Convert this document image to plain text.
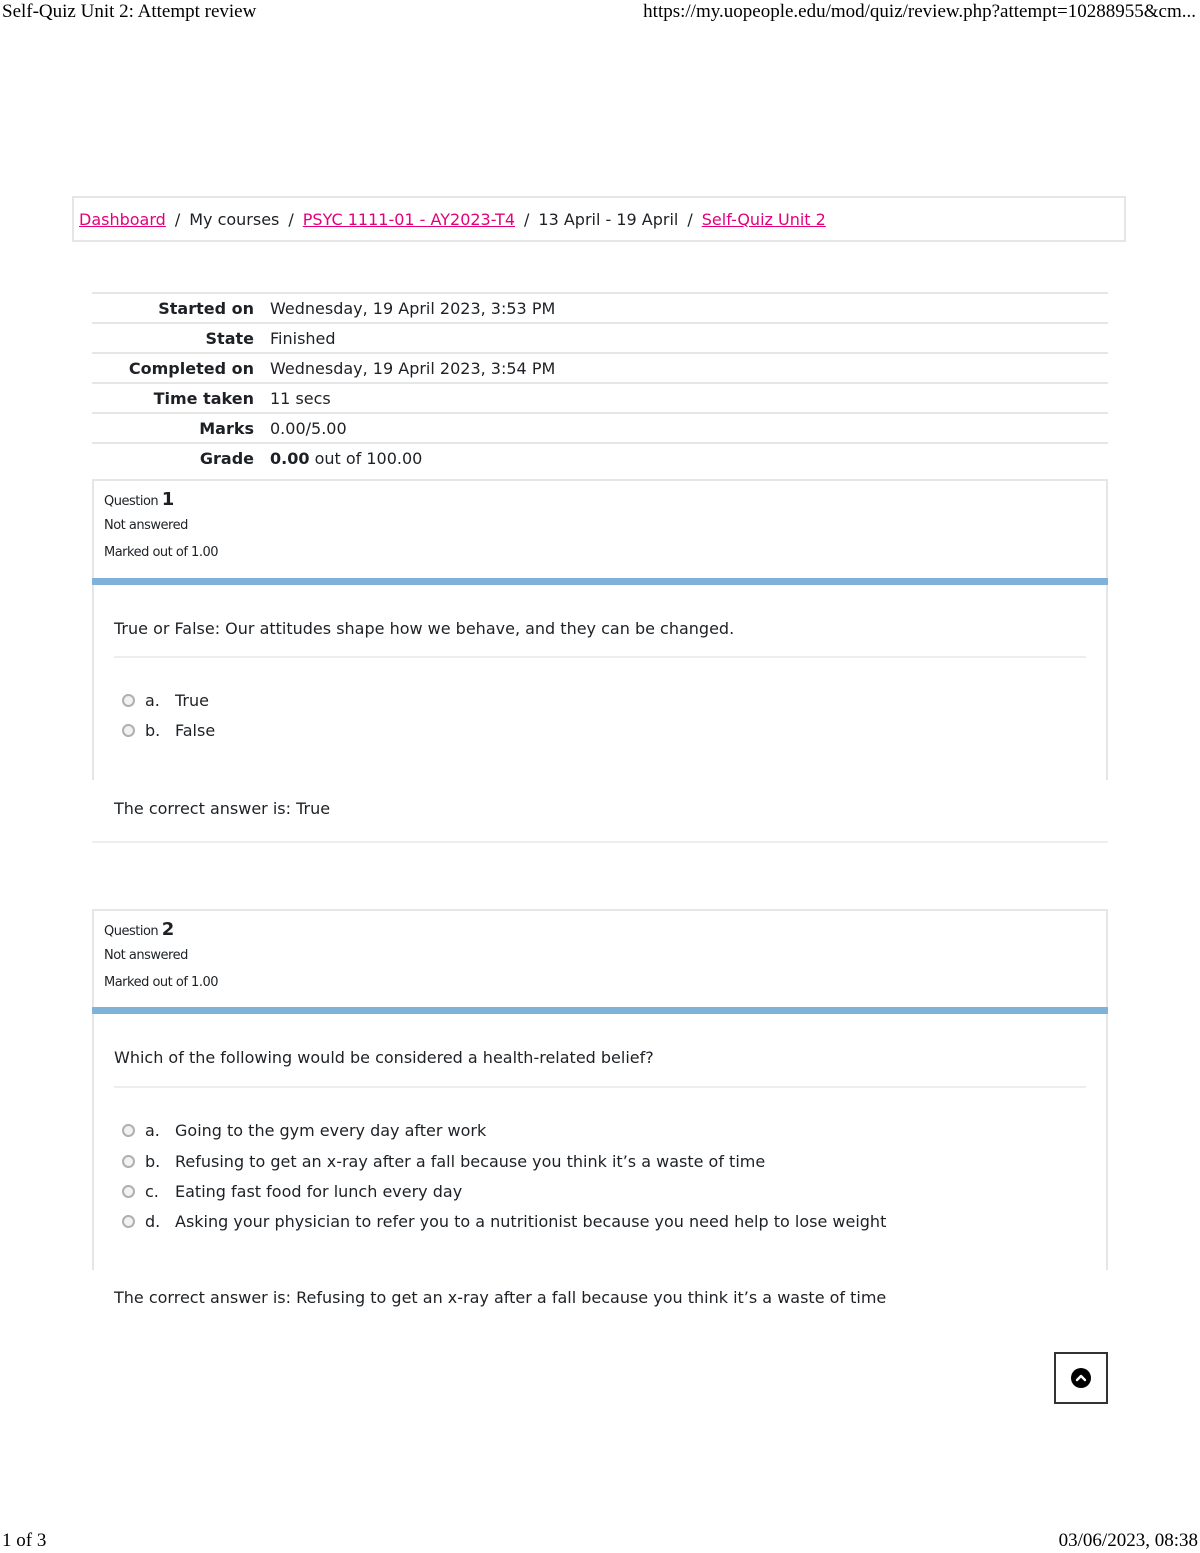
Self-Quiz Unit 2: Attempt review	https://my.uopeople.edu/mod/quiz/review.php?attempt=10288955&cm...
Dashboard / My courses / PSYC 1111-01 - AY2023-T4 / 13 April - 19 April / Self-Quiz Unit 2
Started on	Wednesday, 19 April 2023, 3:53 PM
State	Finished
Completed on	Wednesday, 19 April 2023, 3:54 PM
Time taken	11 secs
Marks	0.00/5.00
Grade	0.00 out of 100.00
Question 1
Not answered
Marked out of 1.00
True or False: Our attitudes shape how we behave, and they can be changed.
a. True
b. False
The correct answer is: True
Question 2
Not answered
Marked out of 1.00
Which of the following would be considered a health-related belief?
a. Going to the gym every day after work
b. Refusing to get an x-ray after a fall because you think it’s a waste of time
c.	Eating fast food for lunch every day
d. Asking your physician to refer you to a nutritionist because you need help to lose weight
The correct answer is: Refusing to get an x-ray after a fall because you think it’s a waste of time
1 of 3	03/06/2023, 08:38
